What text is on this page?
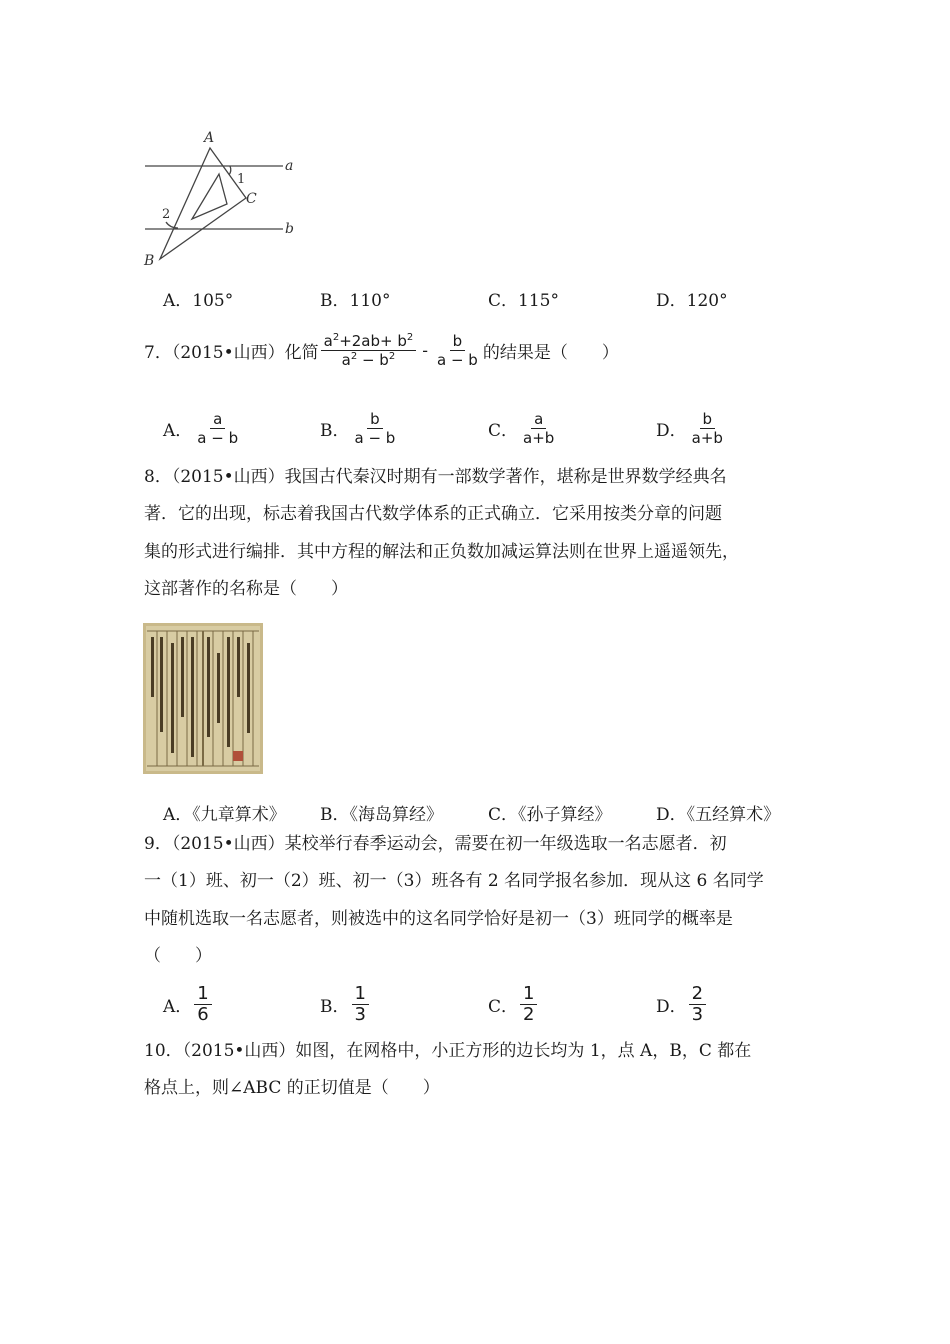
A
C
B
a
b
1
2
A．105°	B．110°	C．115°	D．120°
7．（2015•山西）化简 $\frac{a^2+2ab+ b^2}{a^2 - b^2} - \frac{b}{a - b}$ 的结果是（　　）
A． $\frac{a}{a - b}$	B． $\frac{b}{a - b}$	C． $\frac{a}{a+b}$	D． $\frac{b}{a+b}$
8．（2015•山西）我国古代秦汉时期有一部数学著作，堪称是世界数学经典名
著．它的出现，标志着我国古代数学体系的正式确立．它采用按类分章的问题
集的形式进行编排．其中方程的解法和正负数加减运算法则在世界上遥遥领先，
这部著作的名称是（　　）
A．《九章算术》 B．《海岛算经》	C．《孙子算经》	D．《五经算术》
9．（2015•山西）某校举行春季运动会，需要在初一年级选取一名志愿者．初
一（1）班、初一（2）班、初一（3）班各有 2 名同学报名参加．现从这 6 名同学
中随机选取一名志愿者，则被选中的这名同学恰好是初一（3）班同学的概率是
（　　）
A． $\frac{1}{6}$	B． $\frac{1}{3}$	C． $\frac{1}{2}$	D． $\frac{2}{3}$
10．（2015•山西）如图，在网格中，小正方形的边长均为 1，点 A，B，C 都在
格点上，则∠ABC 的正切值是（　　）
